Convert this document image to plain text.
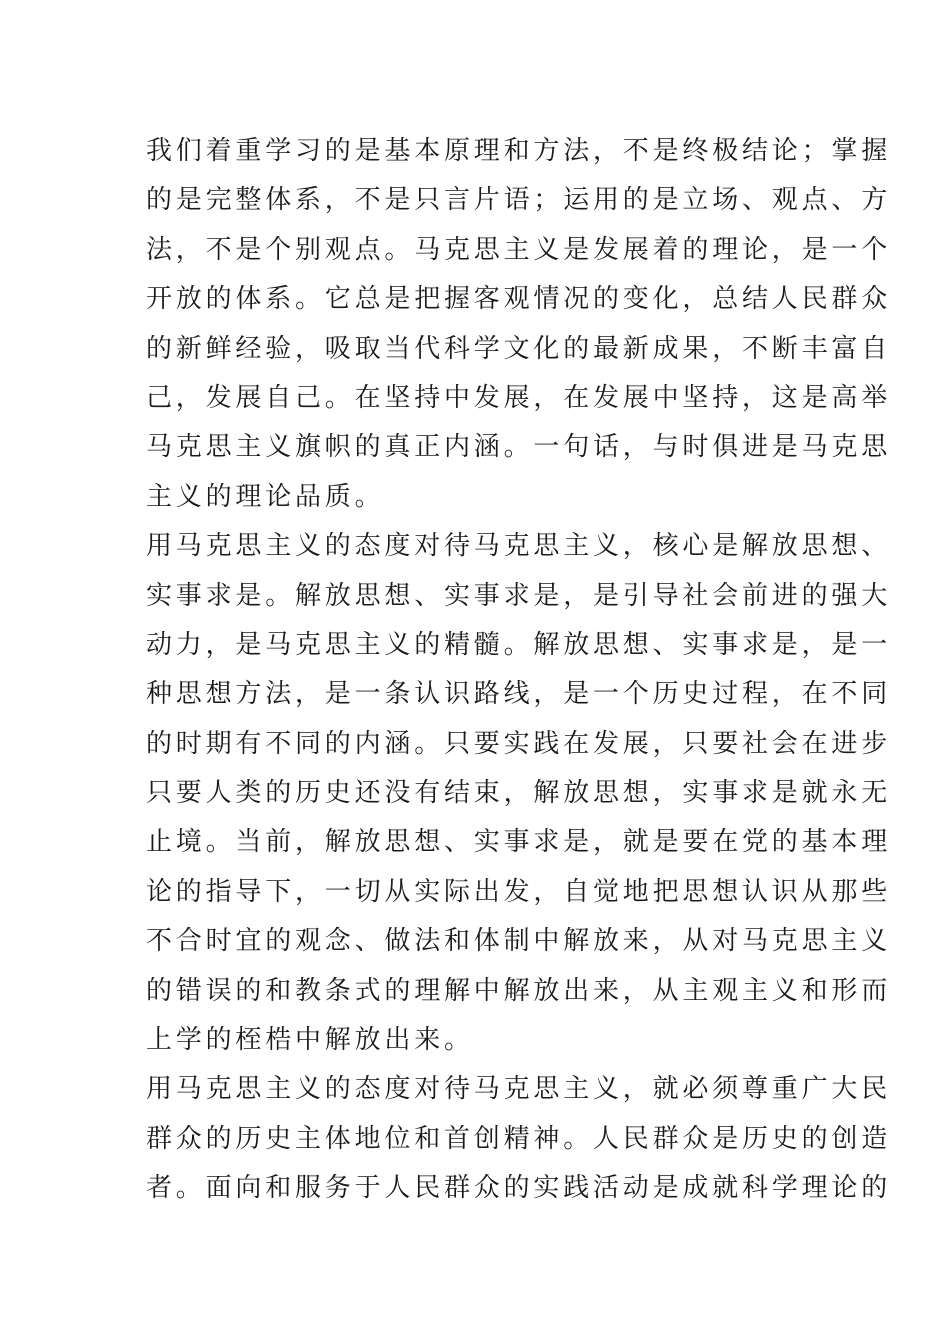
我们着重学习的是基本原理和方法，不是终极结论；掌握
的是完整体系，不是只言片语；运用的是立场、观点、方
法，不是个别观点。马克思主义是发展着的理论，是一个
开放的体系。它总是把握客观情况的变化，总结人民群众
的新鲜经验，吸取当代科学文化的最新成果，不断丰富自
己，发展自己。在坚持中发展，在发展中坚持，这是高举
马克思主义旗帜的真正内涵。一句话，与时俱进是马克思
主义的理论品质。
用马克思主义的态度对待马克思主义，核心是解放思想、
实事求是。解放思想、实事求是，是引导社会前进的强大
动力，是马克思主义的精髓。解放思想、实事求是，是一
种思想方法，是一条认识路线，是一个历史过程，在不同
的时期有不同的内涵。只要实践在发展，只要社会在进步
只要人类的历史还没有结束，解放思想，实事求是就永无
止境。当前，解放思想、实事求是，就是要在党的基本理
论的指导下，一切从实际出发，自觉地把思想认识从那些
不合时宜的观念、做法和体制中解放来，从对马克思主义
的错误的和教条式的理解中解放出来，从主观主义和形而
上学的桎梏中解放出来。
用马克思主义的态度对待马克思主义，就必须尊重广大民
群众的历史主体地位和首创精神。人民群众是历史的创造
者。面向和服务于人民群众的实践活动是成就科学理论的
